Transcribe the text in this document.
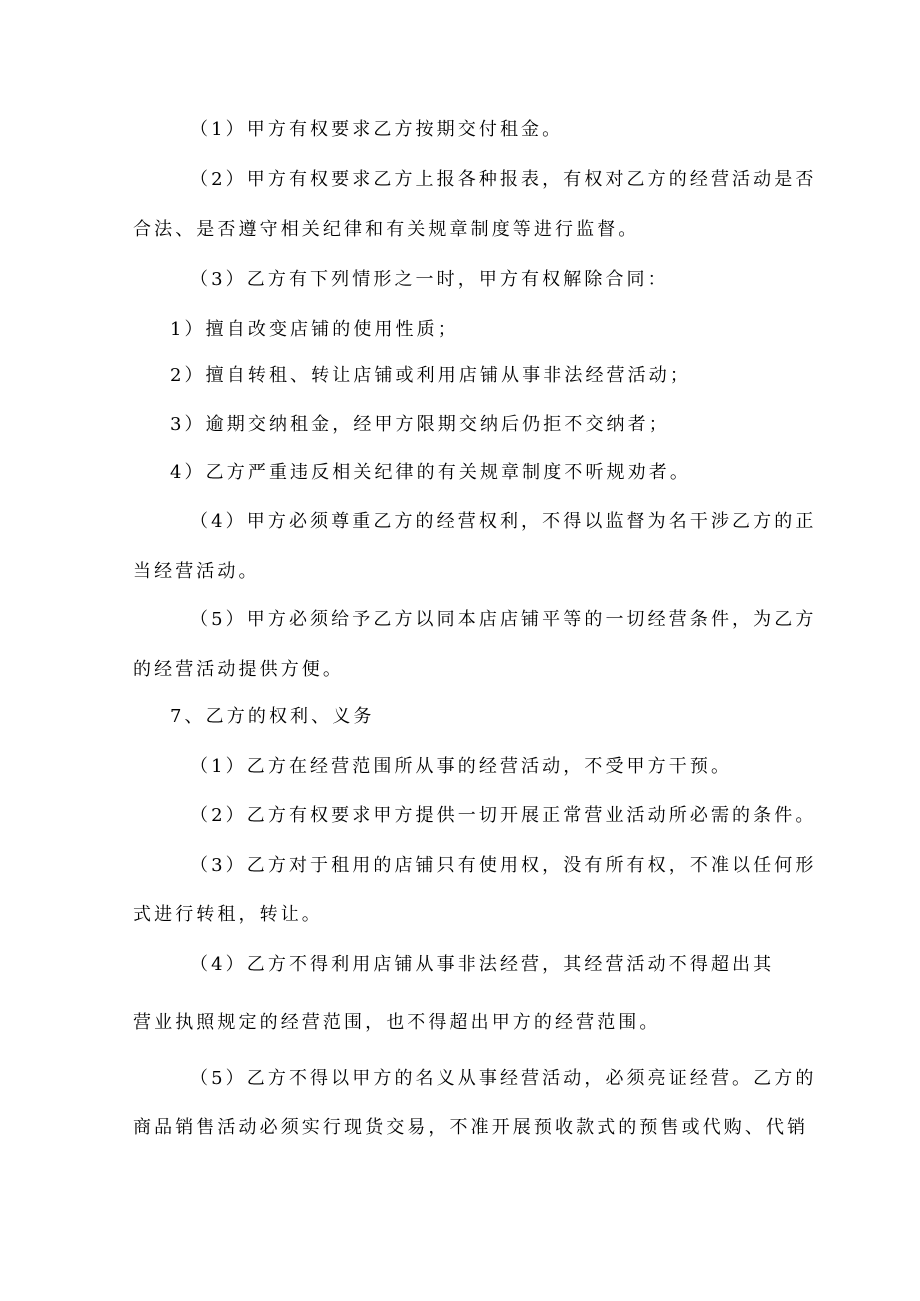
（1）甲方有权要求乙方按期交付租金。
（2）甲方有权要求乙方上报各种报表，有权对乙方的经营活动是否
合法、是否遵守相关纪律和有关规章制度等进行监督。
（3）乙方有下列情形之一时，甲方有权解除合同：
1）擅自改变店铺的使用性质；
2）擅自转租、转让店铺或利用店铺从事非法经营活动；
3）逾期交纳租金，经甲方限期交纳后仍拒不交纳者；
4）乙方严重违反相关纪律的有关规章制度不听规劝者。
（4）甲方必须尊重乙方的经营权利，不得以监督为名干涉乙方的正
当经营活动。
（5）甲方必须给予乙方以同本店店铺平等的一切经营条件，为乙方
的经营活动提供方便。
7、乙方的权利、义务
（1）乙方在经营范围所从事的经营活动，不受甲方干预。
（2）乙方有权要求甲方提供一切开展正常营业活动所必需的条件。
（3）乙方对于租用的店铺只有使用权，没有所有权，不准以任何形
式进行转租，转让。
（4）乙方不得利用店铺从事非法经营，其经营活动不得超出其
营业执照规定的经营范围，也不得超出甲方的经营范围。
（5）乙方不得以甲方的名义从事经营活动，必须亮证经营。乙方的
商品销售活动必须实行现货交易，不准开展预收款式的预售或代购、代销
